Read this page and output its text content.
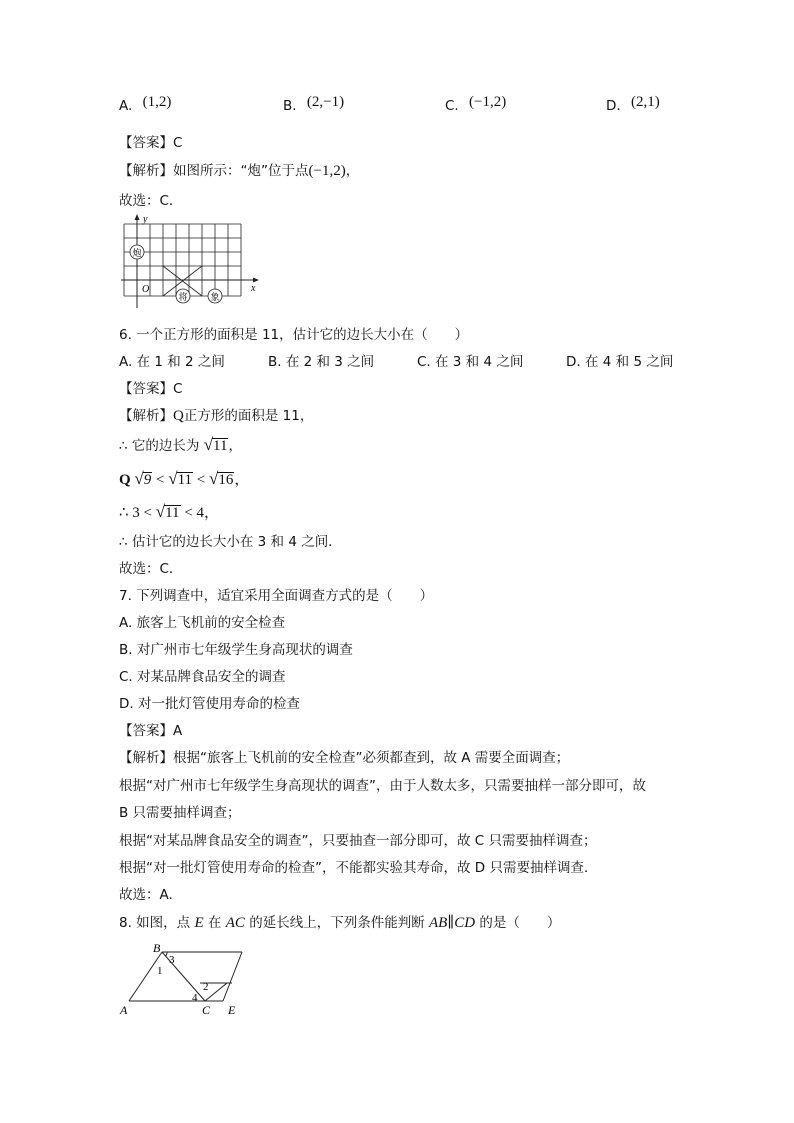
A. (1,2)	B. (2,−1)	C. (−1,2)	D. (2,1)
【答案】C
【解析】如图所示：“炮”位于点(−1,2)，
故选：C．
y
x
O
炮
将	象
6. 一个正方形的面积是 11，估计它的边长大小在（　　）
A. 在 1 和 2 之间	B. 在 2 和 3 之间	C. 在 3 和 4 之间	D. 在 4 和 5 之间
【答案】C
【解析】Q正方形的面积是 11，
∴ 它的边长为 √11，
Q √9 < √11 < √16，
∴ 3 < √11 < 4，
∴ 估计它的边长大小在 3 和 4 之间．
故选：C．
7. 下列调查中，适宜采用全面调查方式的是（　　）
A. 旅客上飞机前的安全检查
B. 对广州市七年级学生身高现状的调查
C. 对某品牌食品安全的调查
D. 对一批灯管使用寿命的检查
【答案】A
【解析】根据“旅客上飞机前的安全检查”必须都查到，故 A 需要全面调查；
根据“对广州市七年级学生身高现状的调查”，由于人数太多，只需要抽样一部分即可，故
B 只需要抽样调查；
根据“对某品牌食品安全的调查”，只要抽查一部分即可，故 C 只需要抽样调查；
根据“对一批灯管使用寿命的检查”，不能都实验其寿命，故 D 只需要抽样调查．
故选：A.
8. 如图，点 E 在 AC 的延长线上，下列条件能判断 AB∥CD 的是（　　）
B
3
1
2
4
A	C E
